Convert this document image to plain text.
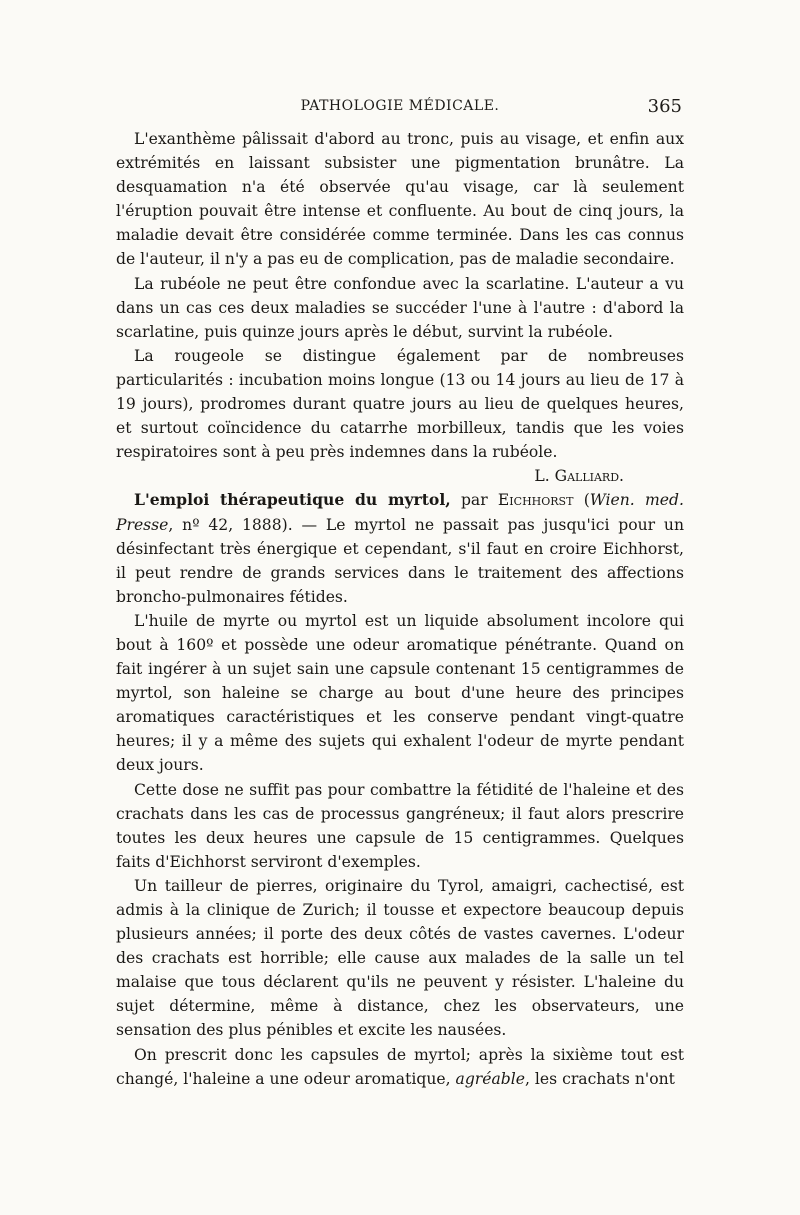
PATHOLOGIE MÉDICALE.	365

L'exanthème pâlissait d'abord au tronc, puis au visage, et enfin aux extrémités en laissant subsister une pigmentation brunâtre. La desquamation n'a été observée qu'au visage, car là seulement l'éruption pouvait être intense et confluente. Au bout de cinq jours, la maladie devait être considérée comme terminée. Dans les cas connus de l'auteur, il n'y a pas eu de complication, pas de maladie secondaire.

La rubéole ne peut être confondue avec la scarlatine. L'auteur a vu dans un cas ces deux maladies se succéder l'une à l'autre : d'abord la scarlatine, puis quinze jours après le début, survint la rubéole.

La rougeole se distingue également par de nombreuses particularités : incubation moins longue (13 ou 14 jours au lieu de 17 à 19 jours), prodromes durant quatre jours au lieu de quelques heures, et surtout coïncidence du catarrhe morbilleux, tandis que les voies respiratoires sont à peu près indemnes dans la rubéole.

L. Galliard.

L'emploi thérapeutique du myrtol, par Eichhorst (Wien. med. Presse, nº 42, 1888). — Le myrtol ne passait pas jusqu'ici pour un désinfectant très énergique et cependant, s'il faut en croire Eichhorst, il peut rendre de grands services dans le traitement des affections broncho-pulmonaires fétides.

L'huile de myrte ou myrtol est un liquide absolument incolore qui bout à 160º et possède une odeur aromatique pénétrante. Quand on fait ingérer à un sujet sain une capsule contenant 15 centigrammes de myrtol, son haleine se charge au bout d'une heure des principes aromatiques caractéristiques et les conserve pendant vingt-quatre heures; il y a même des sujets qui exhalent l'odeur de myrte pendant deux jours.

Cette dose ne suffit pas pour combattre la fétidité de l'haleine et des crachats dans les cas de processus gangréneux; il faut alors prescrire toutes les deux heures une capsule de 15 centigrammes. Quelques faits d'Eichhorst serviront d'exemples.

Un tailleur de pierres, originaire du Tyrol, amaigri, cachectisé, est admis à la clinique de Zurich; il tousse et expectore beaucoup depuis plusieurs années; il porte des deux côtés de vastes cavernes. L'odeur des crachats est horrible; elle cause aux malades de la salle un tel malaise que tous déclarent qu'ils ne peuvent y résister. L'haleine du sujet détermine, même à distance, chez les observateurs, une sensation des plus pénibles et excite les nausées.

On prescrit donc les capsules de myrtol; après la sixième tout est changé, l'haleine a une odeur aromatique, agréable, les crachats n'ont
